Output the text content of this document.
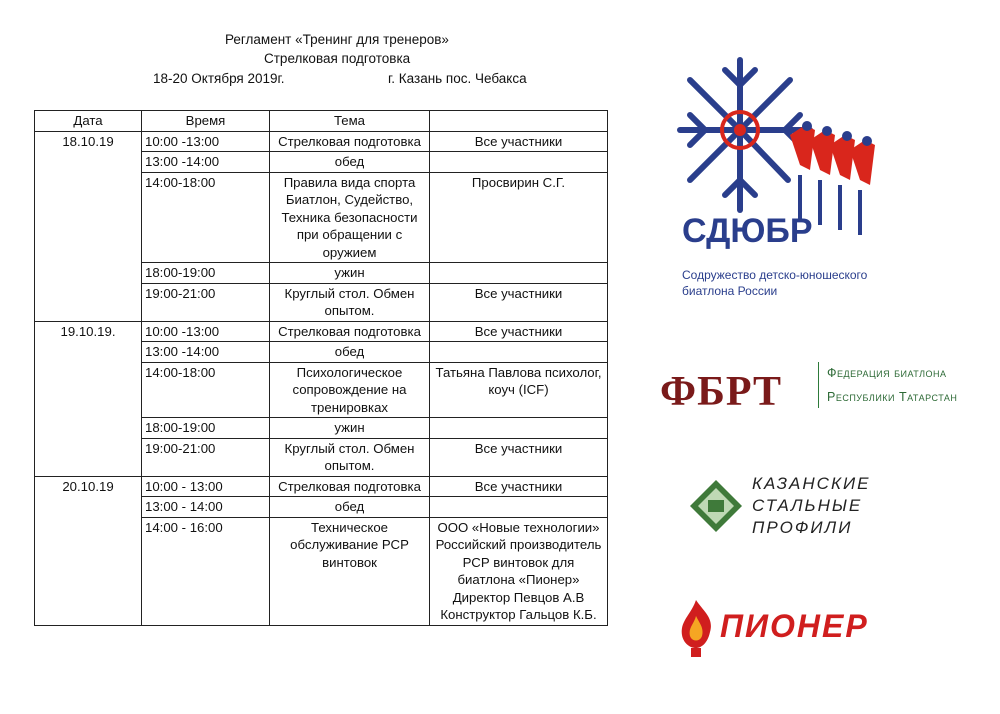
Регламент «Тренинг для тренеров»
Стрелковая подготовка
18-20 Октября 2019г.	г. Казань пос. Чебакса
Дата	Время	Тема	
18.10.19	10:00 -13:00	Стрелковая подготовка	Все участники
	13:00 -14:00	обед	
	14:00-18:00	Правила вида спорта Биатлон, Судейство, Техника безопасности при обращении с оружием	Просвирин С.Г.
	18:00-19:00	ужин	
	19:00-21:00	Круглый стол. Обмен опытом.	Все участники
19.10.19.	10:00 -13:00	Стрелковая подготовка	Все участники
	13:00 -14:00	обед	
	14:00-18:00	Психологическое сопровождение на тренировках	Татьяна Павлова психолог, коуч (ICF)
	18:00-19:00	ужин	
	19:00-21:00	Круглый стол. Обмен опытом.	Все участники
20.10.19	10:00 - 13:00	Стрелковая подготовка	Все участники
	13:00 - 14:00	обед	
	14:00 - 16:00	Техническое обслуживание РСР винтовок	ООО «Новые технологии» Российский производитель РСР винтовок для биатлона «Пионер» Директор Певцов А.В Конструктор Гальцов К.Б.
СДЮБР
Содружество детско-юношеского
биатлона России
ФБРТ	Федерация биатлона
Республики Татарстан
КАЗАНСКИЕ
СТАЛЬНЫЕ
ПРОФИЛИ
ПИОНЕР
